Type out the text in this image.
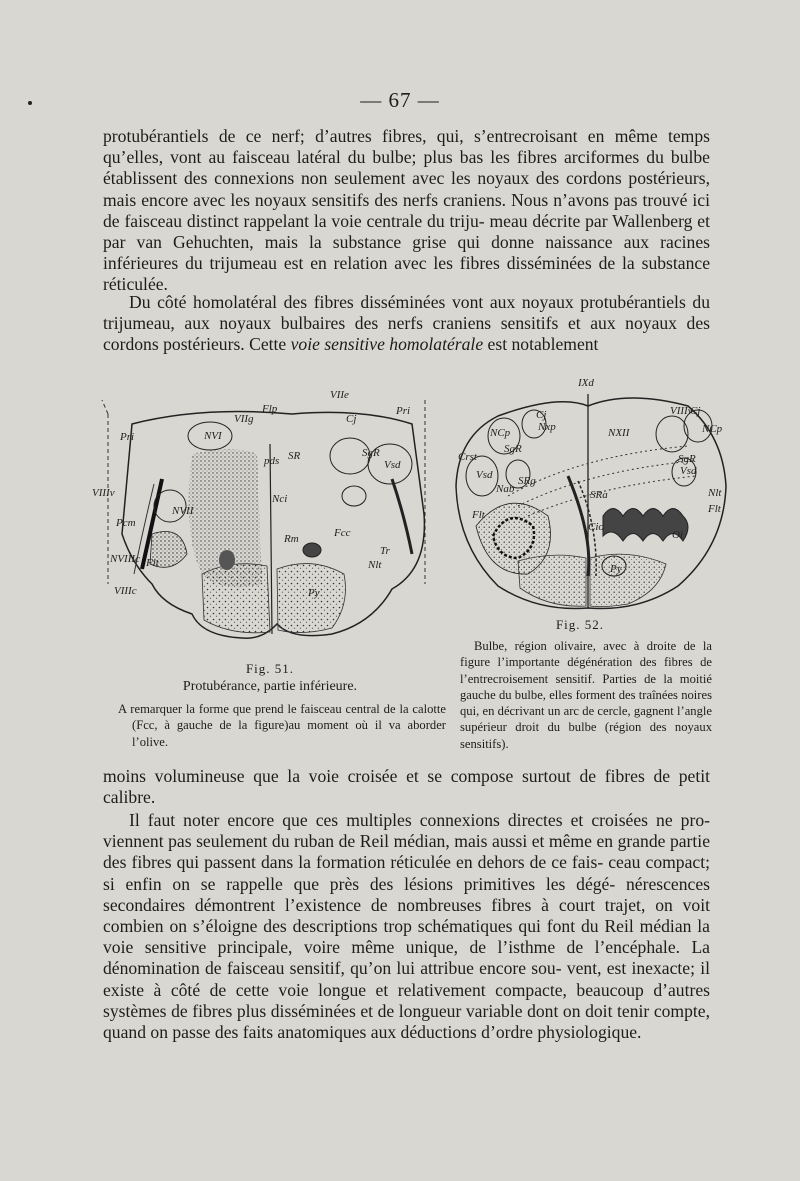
— 67 —

protubérantiels de ce nerf; d’autres fibres, qui, s’entrecroisant en même temps qu’elles, vont au faisceau latéral du bulbe; plus bas les fibres arciformes du bulbe établissent des connexions non seulement avec les noyaux des cordons postérieurs, mais encore avec les noyaux sensitifs des nerfs craniens. Nous n’avons pas trouvé ici de faisceau distinct rappelant la voie centrale du triju- meau décrite par Wallenberg et par van Gehuchten, mais la substance grise qui donne naissance aux racines inférieures du trijumeau est en relation avec les fibres disséminées de la substance réticulée.

Du côté homolatéral des fibres disséminées vont aux noyaux protubérantiels du trijumeau, aux noyaux bulbaires des nerfs craniens sensitifs et aux noyaux des cordons postérieurs. Cette voie sensitive homolatérale est notablement

Pri	NVI
VIIg
Flp
VIIe
Cj
Pri
pds SR	SgR
Vsd
VIIIv
Pcm
NVII
Nci
Rm	Fcc
Tr
Nlt
NVIIIc Flt
VIIIc	Py
IXd
VIIIv
Cj	Cj
NCp	NCp
Nxp	NXII
Crst
SgR
SgR
Vsd	Vsd
SRg
Nab	SRa
Flt	Flt
Nlt
Cio
Oi
Py
Fig. 51.
Protubérance, partie inférieure.
A remarquer la forme que prend le faisceau central de la calotte (Fcc, à gauche de la figure)au moment où il va aborder l’olive.
Fig. 52.
Bulbe, région olivaire, avec à droite de la figure l’importante dégénération des fibres de l’entrecroisement sensitif. Parties de la moitié gauche du bulbe, elles forment des traînées noires qui, en décrivant un arc de cercle, gagnent l’angle supérieur droit du bulbe (région des noyaux sensitifs).

moins volumineuse que la voie croisée et se compose surtout de fibres de petit calibre.

Il faut noter encore que ces multiples connexions directes et croisées ne pro- viennent pas seulement du ruban de Reil médian, mais aussi et même en grande partie des fibres qui passent dans la formation réticulée en dehors de ce fais- ceau compact; si enfin on se rappelle que près des lésions primitives les dégé- nérescences secondaires démontrent l’existence de nombreuses fibres à court trajet, on voit combien on s’éloigne des descriptions trop schématiques qui font du Reil médian la voie sensitive principale, voire même unique, de l’isthme de l’encéphale. La dénomination de faisceau sensitif, qu’on lui attribue encore sou- vent, est inexacte; il existe à côté de cette voie longue et relativement compacte, beaucoup d’autres systèmes de fibres plus disséminées et de longueur variable dont on doit tenir compte, quand on passe des faits anatomiques aux déductions d’ordre physiologique.
